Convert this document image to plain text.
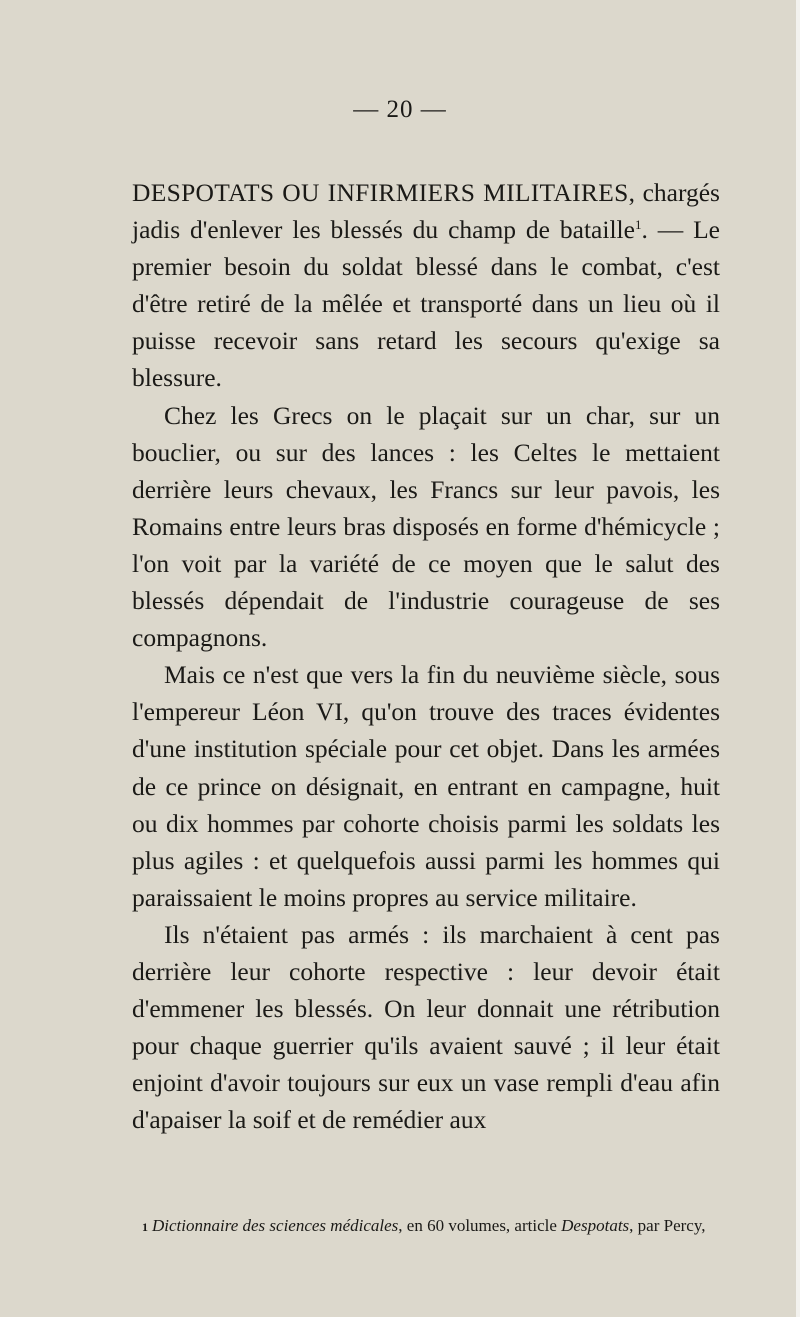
— 20 —

DESPOTATS OU INFIRMIERS MILITAIRES, chargés jadis d'enlever les blessés du champ de bataille$^1$. — Le premier besoin du soldat blessé dans le combat, c'est d'être retiré de la mêlée et transporté dans un lieu où il puisse recevoir sans retard les secours qu'exige sa blessure.

Chez les Grecs on le plaçait sur un char, sur un bouclier, ou sur des lances : les Celtes le mettaient derrière leurs chevaux, les Francs sur leur pavois, les Romains entre leurs bras disposés en forme d'hémicycle ; l'on voit par la variété de ce moyen que le salut des blessés dépendait de l'industrie courageuse de ses compagnons.

Mais ce n'est que vers la fin du neuvième siècle, sous l'empereur Léon VI, qu'on trouve des traces évidentes d'une institution spéciale pour cet objet. Dans les armées de ce prince on désignait, en entrant en campagne, huit ou dix hommes par cohorte choisis parmi les soldats les plus agiles : et quelquefois aussi parmi les hommes qui paraissaient le moins propres au service militaire.

Ils n'étaient pas armés : ils marchaient à cent pas derrière leur cohorte respective : leur devoir était d'emmener les blessés. On leur donnait une rétribution pour chaque guerrier qu'ils avaient sauvé ; il leur était enjoint d'avoir toujours sur eux un vase rempli d'eau afin d'apaiser la soif et de remédier aux

1 Dictionnaire des sciences médicales, en 60 volumes, article Despotats, par Percy,
